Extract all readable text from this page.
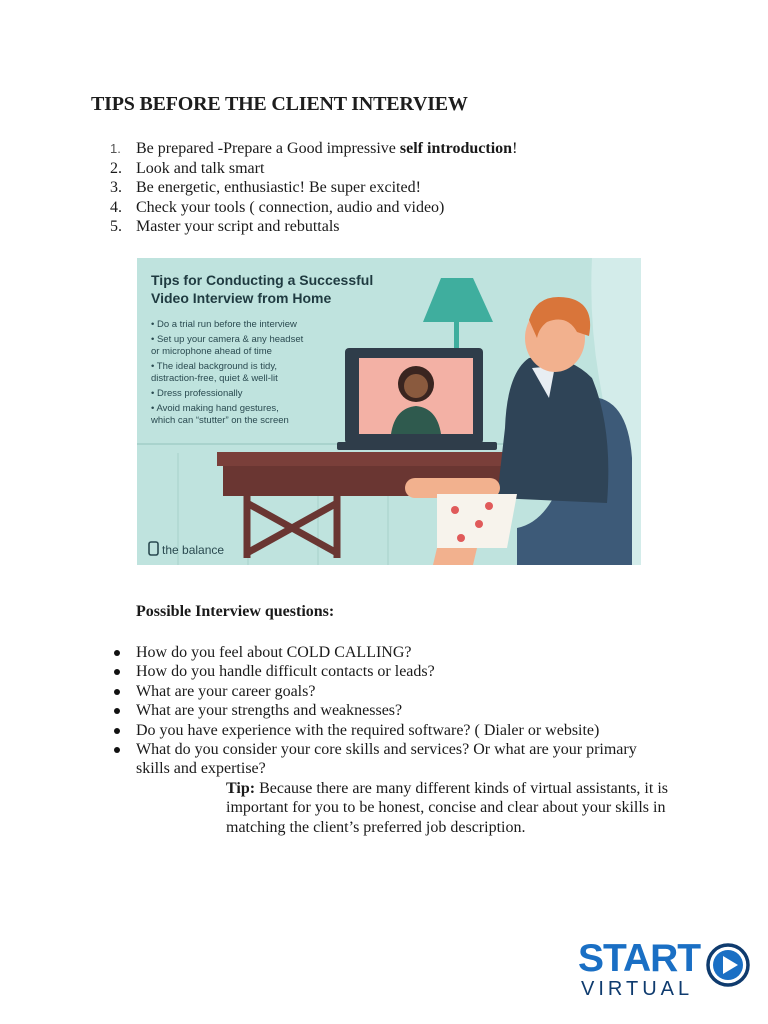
TIPS BEFORE THE CLIENT INTERVIEW
1. Be prepared -Prepare a Good impressive self introduction!
2. Look and talk smart
3. Be energetic, enthusiastic! Be super excited!
4. Check your tools ( connection, audio and video)
5. Master your script and rebuttals
Tips for Conducting a Successful
Video Interview from Home
• Do a trial run before the interview
• Set up your camera & any headset
or microphone ahead of time
• The ideal background is tidy,
distraction-free, quiet & well-lit
• Dress professionally
• Avoid making hand gestures,
which can “stutter” on the screen
the balance
Possible Interview questions:
How do you feel about COLD CALLING?
How do you handle difficult contacts or leads?
What are your career goals?
What are your strengths and weaknesses?
Do you have experience with the required software? ( Dialer or website)
What do you consider your core skills and services? Or what are your primary skills and expertise?
Tip: Because there are many different kinds of virtual assistants, it is important for you to be honest, concise and clear about your skills in matching the client’s preferred job description.
START
VIRTUAL
